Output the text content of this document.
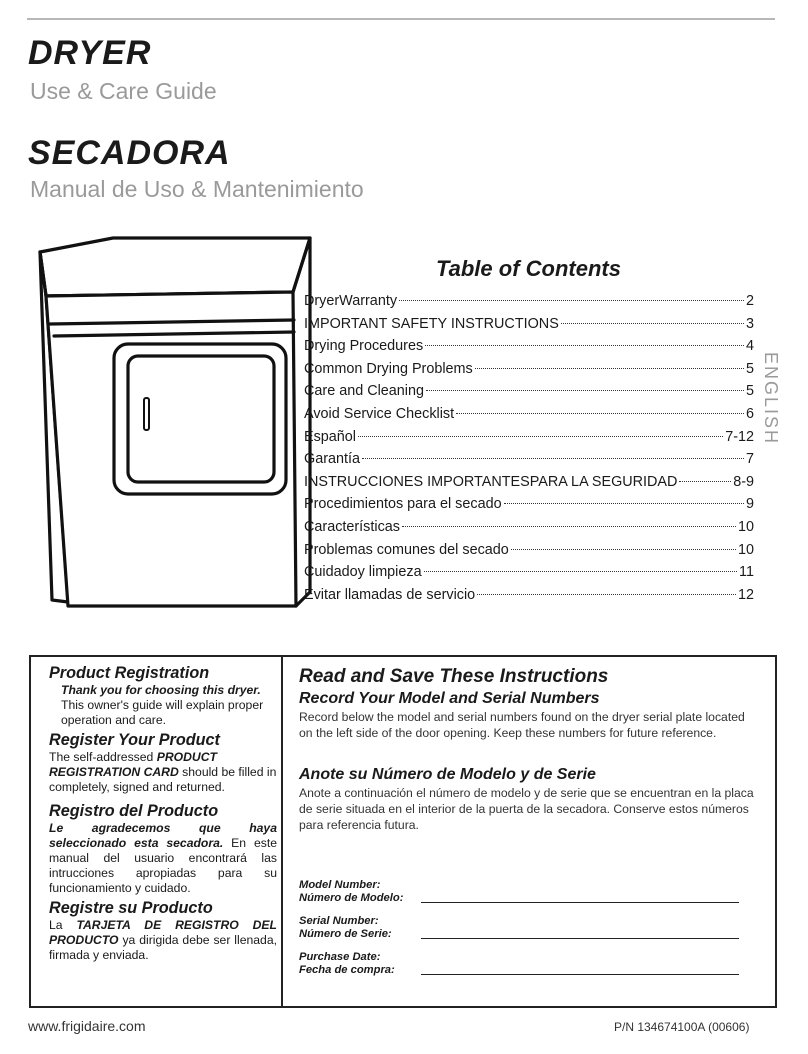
DRYER
Use & Care Guide
SECADORA
Manual de Uso & Mantenimiento
Table of Contents
DryerWarranty	2
IMPORTANT SAFETY INSTRUCTIONS	3
Drying Procedures	4
Common Drying Problems	5
Care and Cleaning	5
Avoid Service Checklist	6
Español	7-12
Garantía	7
INSTRUCCIONES IMPORTANTESPARA LA SEGURIDAD	8-9
Procedimientos para el secado	9
Características	10
Problemas comunes del secado	10
Cuidadoy limpieza	11
Evitar llamadas de servicio	12
ENGLISH
Product Registration

Thank you for choosing this dryer. This owner's guide will explain proper operation and care.

Register Your Product

The self-addressed PRODUCT REGISTRATION CARD should be filled in completely, signed and returned.

Registro del Producto

Le agradecemos que haya seleccionado esta secadora. En este manual del usuario encontrará las intrucciones apropiadas para su funcionamiento y cuidado.

Registre su Producto

La TARJETA DE REGISTRO DEL PRODUCTO ya dirigida debe ser llenada, firmada y enviada.

Read and Save These Instructions
Record Your Model and Serial Numbers

Record below the model and serial numbers found on the dryer serial plate located on the left side of the door opening. Keep these numbers for future reference.

Anote su Número de Modelo y de Serie

Anote a continuación el número de modelo y de serie que se encuentran en la placa de serie situada en el interior de la puerta de la secadora. Conserve estos números para referencia futura.

Model Number:
Número de Modelo:
Serial Number:
Número de Serie:
Purchase Date:
Fecha de compra:
www.frigidaire.com	P/N 134674100A (00606)
